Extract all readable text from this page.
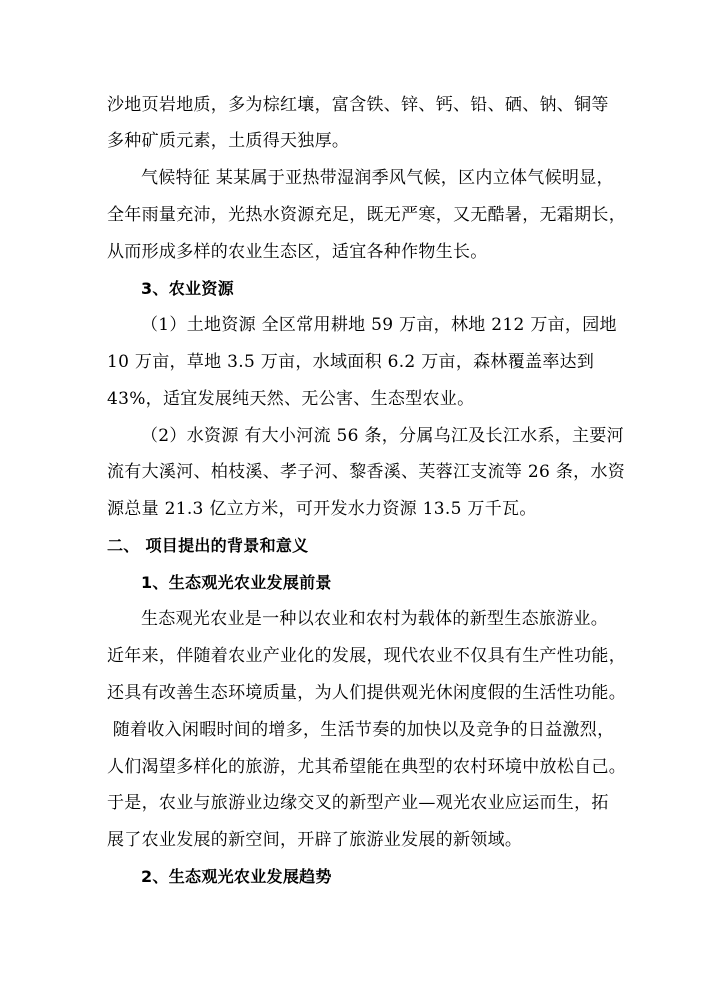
沙地页岩地质，多为棕红壤，富含铁、锌、钙、铅、硒、钠、铜等
多种矿质元素，土质得天独厚。
气候特征 某某属于亚热带湿润季风气候，区内立体气候明显，
全年雨量充沛，光热水资源充足，既无严寒，又无酷暑，无霜期长，
从而形成多样的农业生态区，适宜各种作物生长。
3、农业资源
（1）土地资源 全区常用耕地 59 万亩，林地 212 万亩，园地
10 万亩，草地 3.5 万亩，水域面积 6.2 万亩，森林覆盖率达到
43%，适宜发展纯天然、无公害、生态型农业。
（2）水资源 有大小河流 56 条，分属乌江及长江水系，主要河
流有大溪河、柏枝溪、孝子河、黎香溪、芙蓉江支流等 26 条，水资
源总量 21.3 亿立方米，可开发水力资源 13.5 万千瓦。
二、 项目提出的背景和意义
1、生态观光农业发展前景
生态观光农业是一种以农业和农村为载体的新型生态旅游业。
近年来，伴随着农业产业化的发展，现代农业不仅具有生产性功能，
还具有改善生态环境质量，为人们提供观光休闲度假的生活性功能。
随着收入闲暇时间的增多，生活节奏的加快以及竞争的日益激烈，
人们渴望多样化的旅游，尤其希望能在典型的农村环境中放松自己。
于是，农业与旅游业边缘交叉的新型产业—观光农业应运而生，拓
展了农业发展的新空间，开辟了旅游业发展的新领域。
2、生态观光农业发展趋势
